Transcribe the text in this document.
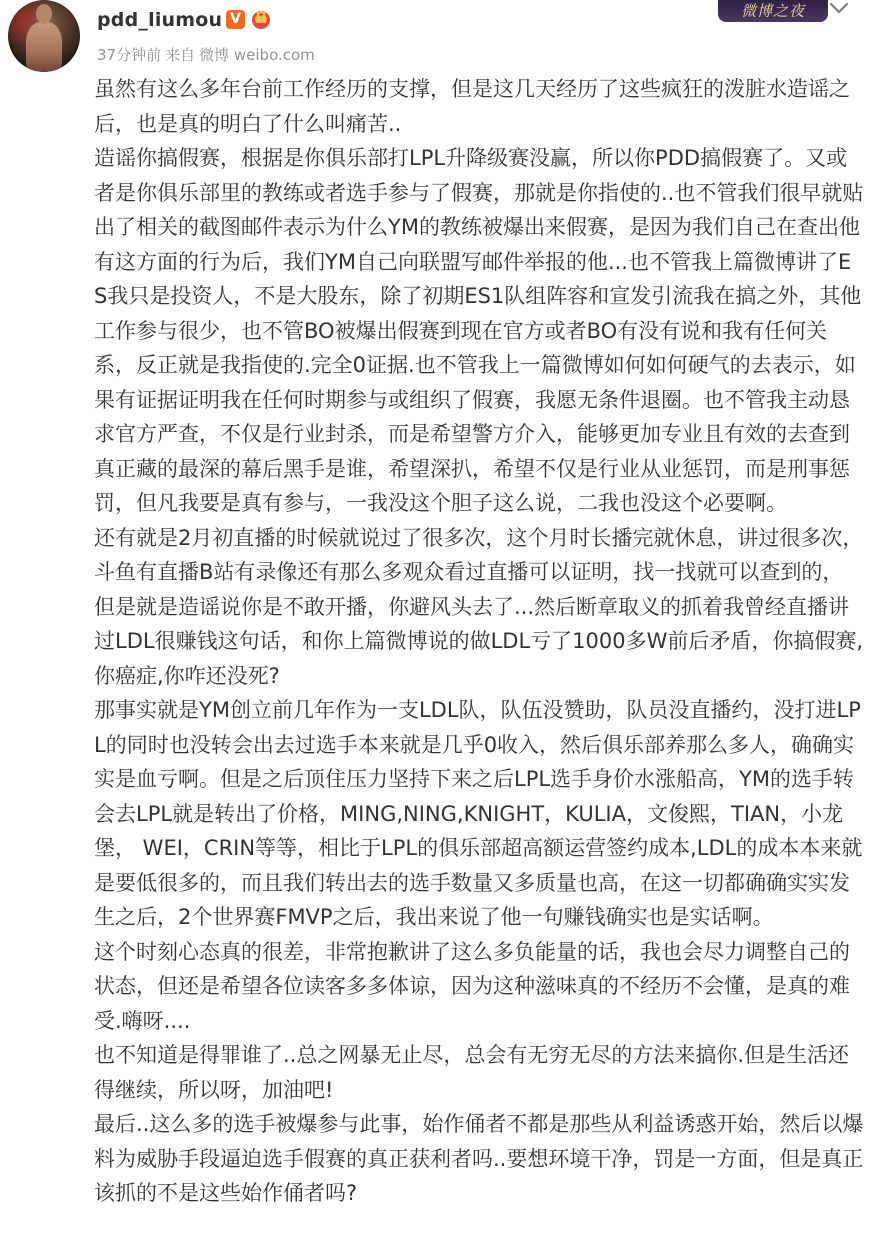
pdd_liumou V
37分钟前 来自 微博 weibo.com
微博之夜

虽然有这么多年台前工作经历的支撑，但是这几天经历了这些疯狂的泼脏水造谣之后，也是真的明白了什么叫痛苦..

造谣你搞假赛，根据是你俱乐部打LPL升降级赛没赢，所以你PDD搞假赛了。又或者是你俱乐部里的教练或者选手参与了假赛，那就是你指使的..也不管我们很早就贴出了相关的截图邮件表示为什么YM的教练被爆出来假赛，是因为我们自己在查出他有这方面的行为后，我们YM自己向联盟写邮件举报的他...也不管我上篇微博讲了ES我只是投资人，不是大股东，除了初期ES1队组阵容和宣发引流我在搞之外，其他工作参与很少，也不管BO被爆出假赛到现在官方或者BO有没有说和我有任何关系，反正就是我指使的.完全0证据.也不管我上一篇微博如何如何硬气的去表示，如果有证据证明我在任何时期参与或组织了假赛，我愿无条件退圈。也不管我主动恳求官方严查，不仅是行业封杀，而是希望警方介入，能够更加专业且有效的去查到真正藏的最深的幕后黑手是谁，希望深扒，希望不仅是行业从业惩罚，而是刑事惩罚，但凡我要是真有参与，一我没这个胆子这么说，二我也没这个必要啊。

还有就是2月初直播的时候就说过了很多次，这个月时长播完就休息，讲过很多次，斗鱼有直播B站有录像还有那么多观众看过直播可以证明，找一找就可以查到的，但是就是造谣说你是不敢开播，你避风头去了...然后断章取义的抓着我曾经直播讲过LDL很赚钱这句话，和你上篇微博说的做LDL亏了1000多W前后矛盾，你搞假赛,你癌症,你咋还没死?

那事实就是YM创立前几年作为一支LDL队，队伍没赞助，队员没直播约，没打进LPL的同时也没转会出去过选手本来就是几乎0收入，然后俱乐部养那么多人，确确实实是血亏啊。但是之后顶住压力坚持下来之后LPL选手身价水涨船高，YM的选手转会去LPL就是转出了价格，MING,NING,KNIGHT，KULIA，文俊熙，TIAN，小龙堡， WEI，CRIN等等，相比于LPL的俱乐部超高额运营签约成本,LDL的成本本来就是要低很多的，而且我们转出去的选手数量又多质量也高，在这一切都确确实实发生之后，2个世界赛FMVP之后，我出来说了他一句赚钱确实也是实话啊。

这个时刻心态真的很差，非常抱歉讲了这么多负能量的话，我也会尽力调整自己的状态，但还是希望各位读客多多体谅，因为这种滋味真的不经历不会懂，是真的难受.嗨呀....

也不知道是得罪谁了..总之网暴无止尽，总会有无穷无尽的方法来搞你.但是生活还得继续，所以呀，加油吧!

最后..这么多的选手被爆参与此事，始作俑者不都是那些从利益诱惑开始，然后以爆料为威胁手段逼迫选手假赛的真正获利者吗..要想环境干净，罚是一方面，但是真正该抓的不是这些始作俑者吗?
